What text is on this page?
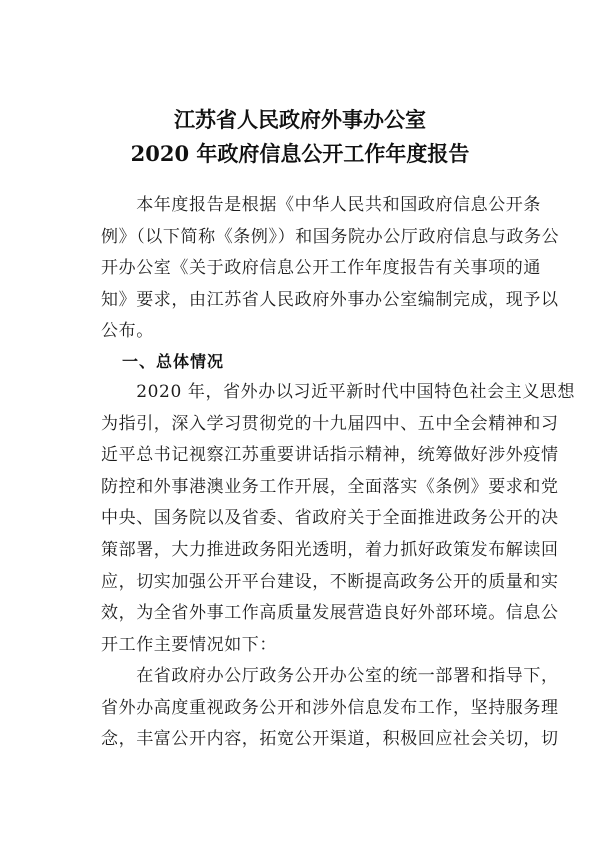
江苏省人民政府外事办公室
2020 年政府信息公开工作年度报告
　　本年度报告是根据《中华人民共和国政府信息公开条
例》（以下简称《条例》）和国务院办公厅政府信息与政务公
开办公室《关于政府信息公开工作年度报告有关事项的通
知》要求，由江苏省人民政府外事办公室编制完成，现予以
公布。
一、总体情况
　　2020 年，省外办以习近平新时代中国特色社会主义思想
为指引，深入学习贯彻党的十九届四中、五中全会精神和习
近平总书记视察江苏重要讲话指示精神，统筹做好涉外疫情
防控和外事港澳业务工作开展，全面落实《条例》要求和党
中央、国务院以及省委、省政府关于全面推进政务公开的决
策部署，大力推进政务阳光透明，着力抓好政策发布解读回
应，切实加强公开平台建设，不断提高政务公开的质量和实
效，为全省外事工作高质量发展营造良好外部环境。信息公
开工作主要情况如下：
　　在省政府办公厅政务公开办公室的统一部署和指导下，
省外办高度重视政务公开和涉外信息发布工作，坚持服务理
念，丰富公开内容，拓宽公开渠道，积极回应社会关切，切
